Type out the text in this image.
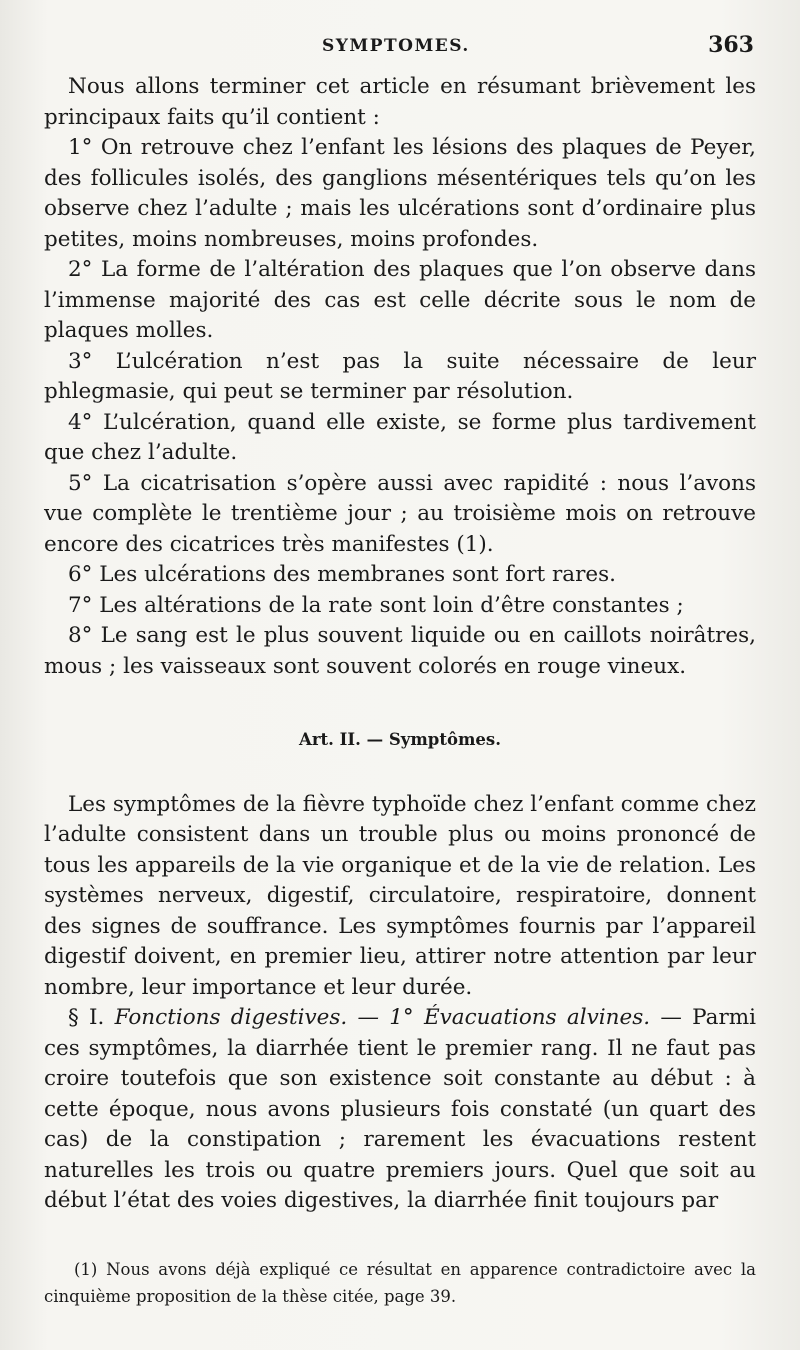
SYMPTOMES.	363

Nous allons terminer cet article en résumant brièvement les principaux faits qu’il contient :

1° On retrouve chez l’enfant les lésions des plaques de Peyer, des follicules isolés, des ganglions mésentériques tels qu’on les observe chez l’adulte ; mais les ulcérations sont d’ordinaire plus petites, moins nombreuses, moins profondes.

2° La forme de l’altération des plaques que l’on observe dans l’immense majorité des cas est celle décrite sous le nom de plaques molles.

3° L’ulcération n’est pas la suite nécessaire de leur phlegmasie, qui peut se terminer par résolution.

4° L’ulcération, quand elle existe, se forme plus tardivement que chez l’adulte.

5° La cicatrisation s’opère aussi avec rapidité : nous l’avons vue complète le trentième jour ; au troisième mois on retrouve encore des cicatrices très manifestes (1).

6° Les ulcérations des membranes sont fort rares.

7° Les altérations de la rate sont loin d’être constantes ;

8° Le sang est le plus souvent liquide ou en caillots noirâtres, mous ; les vaisseaux sont souvent colorés en rouge vineux.

Art. II. — Symptômes.

Les symptômes de la fièvre typhoïde chez l’enfant comme chez l’adulte consistent dans un trouble plus ou moins prononcé de tous les appareils de la vie organique et de la vie de relation. Les systèmes nerveux, digestif, circulatoire, respiratoire, donnent des signes de souffrance. Les symptômes fournis par l’appareil digestif doivent, en premier lieu, attirer notre attention par leur nombre, leur importance et leur durée.

§ I. Fonctions digestives. — 1° Évacuations alvines. — Parmi ces symptômes, la diarrhée tient le premier rang. Il ne faut pas croire toutefois que son existence soit constante au début : à cette époque, nous avons plusieurs fois constaté (un quart des cas) de la constipation ; rarement les évacuations restent naturelles les trois ou quatre premiers jours. Quel que soit au début l’état des voies digestives, la diarrhée finit toujours par

(1) Nous avons déjà expliqué ce résultat en apparence contradictoire avec la cinquième proposition de la thèse citée, page 39.
